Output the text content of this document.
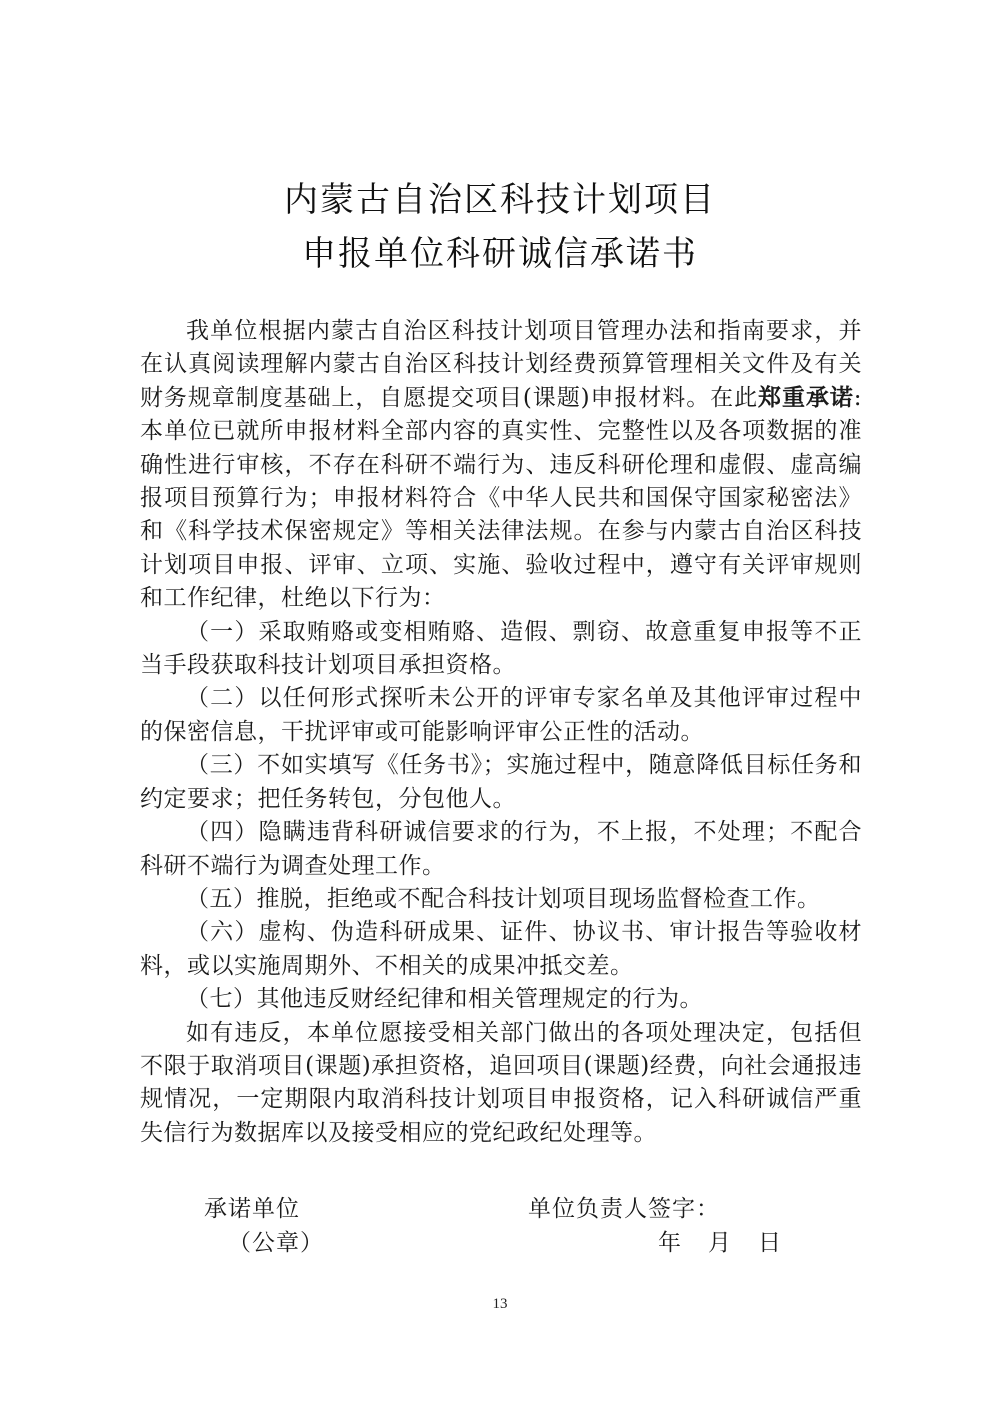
内蒙古自治区科技计划项目
申报单位科研诚信承诺书

我单位根据内蒙古自治区科技计划项目管理办法和指南要求，并在认真阅读理解内蒙古自治区科技计划经费预算管理相关文件及有关财务规章制度基础上，自愿提交项目(课题)申报材料。在此郑重承诺: 本单位已就所申报材料全部内容的真实性、完整性以及各项数据的准确性进行审核，不存在科研不端行为、违反科研伦理和虚假、虚高编报项目预算行为；申报材料符合《中华人民共和国保守国家秘密法》和《科学技术保密规定》等相关法律法规。在参与内蒙古自治区科技计划项目申报、评审、立项、实施、验收过程中，遵守有关评审规则和工作纪律，杜绝以下行为：

（一）采取贿赂或变相贿赂、造假、剽窃、故意重复申报等不正当手段获取科技计划项目承担资格。

（二）以任何形式探听未公开的评审专家名单及其他评审过程中的保密信息，干扰评审或可能影响评审公正性的活动。

（三）不如实填写《任务书》；实施过程中，随意降低目标任务和约定要求；把任务转包，分包他人。

（四）隐瞒违背科研诚信要求的行为，不上报，不处理；不配合科研不端行为调查处理工作。

（五）推脱，拒绝或不配合科技计划项目现场监督检查工作。

（六）虚构、伪造科研成果、证件、协议书、审计报告等验收材料，或以实施周期外、不相关的成果冲抵交差。

（七）其他违反财经纪律和相关管理规定的行为。

如有违反，本单位愿接受相关部门做出的各项处理决定，包括但不限于取消项目(课题)承担资格，追回项目(课题)经费，向社会通报违规情况，一定期限内取消科技计划项目申报资格，记入科研诚信严重失信行为数据库以及接受相应的党纪政纪处理等。

承诺单位
（公章）
单位负责人签字：
年 月 日
13
